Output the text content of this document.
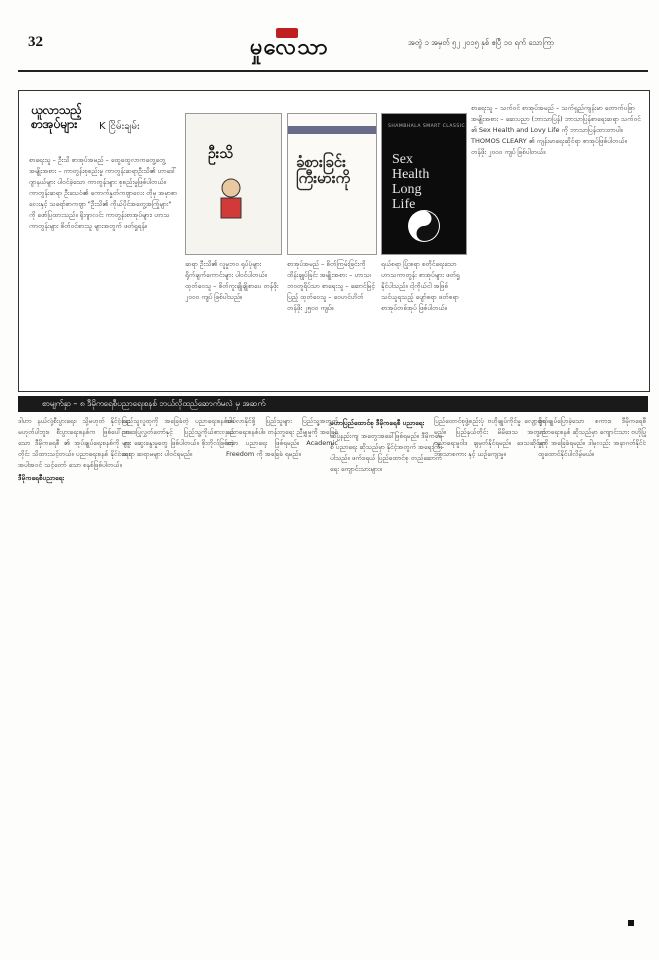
32	မှုလေသာ	အတွဲ ၁ အမှတ် ၅၂ ၂၀၁၅ နှစ် ဧပြီ ၁၀ ရက် သောကြာ
ယူလာသည့် စာအုပ်များ	K ငြိမ်းချမ်း
စာရေးသူ – ဦးသိ စာအုပ်အမည် – ထွေထွေလာကတွေ့တွေ့ အမျိုးအစား – ကာတွန်းစုစည်းမှု ကာတွန်းဆရာဦးသိ၏ ဟာဒေါ် ဂျာနယ်များ ပါဝင်ခဲ့သော ကာတွန်းများ စုစည်းမှုဖြစ်ပါတယ်။ ကာတွန်းဆရာ ဦးသေဝံ၏ ကောက်နှုတ်ကဗျာလေး တိုမှ အမှာစာလေးနှင့် သရော်စာကဗျာ "ဦးသိ၏ ကိုယ်ပိုင်အတွေ့အကြုံများ" ကို ဖော်ပြထားသည်။ ရိုးဂျာလင်း ကာတွန်းစာအုပ်များ၊ ဟာသကာတွန်းများ စိတ်ဝင်စားသူ များအတွက် ဖတ်ရှုရန်။
ဆရာ ဦးသိ၏ လူမှုဘဝ ရုပ်ပုံများ ရိုက်ချက်ကောင်းများ ပါဝင်ပါတယ်။ ထုတ်ဝေသူ – စိတ်ကူးချိုချိုစာပေ တန်ဖိုး ၂၀၀၀ ကျပ် ဖြစ်ပါသည်။
စာအုပ်အမည် – စိတ်ကြမ်းခြင်းကိုထိန်းချုပ်ခြင်း အမျိုးအစား – ဟာသ၊ ဘဝတူရိပ်သာ စာရေးသူ – ဆောင်မြင့်ပြည့် ထုတ်ဝေသူ – ဝေဟင်ဟိတ် တန်ဖိုး ၂၅၀၀ ကျပ်။
ရယ်စရာ ပြုံးစရာ စတိုင်ရေးသော ဟာသကာတွန်း စာအုပ်များ ဖတ်ရှုနိုင်ပါသည်။ ငါ့ကိုယ်ငါ အဖြစ် သင်ယူရသည့် ပျော်စရာ ဖတ်စရာ စာအုပ်တစ်အုပ် ဖြစ်ပါတယ်။
စာရေးသူ – သက်ဝင် စာအုပ်အမည် – သက်ရှည်ကျန်းမာ တောက်ပဖြာ အမျိုးအစား – ဆေးပညာ (ဘာသာပြန်) ဘာသာပြန်စာရေးဆရာ သက်ဝင် ၏ Sex Health and Lovy Life ကို ဘာသာပြန်ထားတာပါ။ THOMOS CLEARY ၏ ကျန်းမာရေးဆိုင်ရာ စာအုပ်ဖြစ်ပါတယ်။ တန်ဖိုး ၂၀၀၀ ကျပ် ဖြစ်ပါတယ်။
ဦးသိ	ခံစားခြင်း ကြီးမားကို
SHAMBHALA SMART CLASSIC
Sex
Health
Long
Life
စာမျက်နှာ – ၈ ဒီမိုကရေစီပညာရေးစနစ် ဘယ်လိုထည်ဆောက်မလဲ မှ အဆက်
ဒါဟာ နယ်လုံ့စီးပွားရေး၊ သို့မဟုတ် နိုင်ငံ့ရေးမဟုတ်ပါဘူး။ စီးပွားရေးစနစ်က ဖြစ်ပေါ်လာ သော ဒီမိုကရေစီ ၏ အုပ်ချုပ်ရေးစနစ်ကို လူတိုင်း သိထားသင့်တယ်။ ပညာရေးစနစ် နိုင်ငံရေး အပါအဝင် သင့်တော် သော စနစ်ဖြစ်ပါတယ်။
ဒီမိုကရေစီပညာရေး
ပြည်သူလူထုကို အခြေခံတဲ့ ပညာရေးစနစ်ပါ။ ဥပဒေပြုလွှတ်တော်နှင့် ပြည်သူ့ကိုယ်စားလှယ်များ ဆွေးနွေးမှုတွေ ဖြစ်ပါတယ်။ စိုးတိုလ်ဖြစ်တဲ့ ဆရာ ဆရာမများ ပါဝင်ရမည်။
အပ်လာနိုင်ဖို့ ပြည်သူများ ပြည်သူ့အတွက် ပညာရေးစနစ်ပါ။ တန်းတူရေး ညီမျှမှုကို အခြေခံသော ပညာရေး ဖြစ်ရမည်။ Academic Freedom ကို အခြေခံ ရမည်။
မဟာပြည်ထောင်စု ဒီမိုကရေစီ ပညာရေး
သိပ္ပံနည်းကျ အတွေးအခေါ်ဖြစ်ရမည်။ ဒီမိုကရေစီ ပညာရေး ဆိုသည်မှာ နိုင်ငံ့အတွက် အရေးကြီးပါသည်။ ဖက်ဒရယ် ပြည်ထောင်စု တည်ဆောက်ရေး ကျောင်းသားများ။
ပြည်ထောင်စုဖွဲ့စည်းပုံ ဗဟိုချုပ်ကိုင်မှု လျော့ချရမည်။ ပြည်နယ်တိုင်း မိမိဒေသ အတွက် ပညာရေးမူဝါဒ ချမှတ်နိုင်ရမည်။ ဒေသဆိုင်ရာ ဘာသာစကား နှင့် ယဉ်ကျေးမှု။
ဗိုလ်ချုပ်ပြောခဲ့သော စကား။ ဒီမိုကရေစီ ပညာရေးစနစ် ဆိုသည်မှာ ကျောင်းသား ဗဟိုပြုမှုကို အခြေခံရမည်။ ဒါမှလည်း အနာဂတ်နိုင်ငံ ထူထောင်နိုင်ပါလိမ့်မယ်။
